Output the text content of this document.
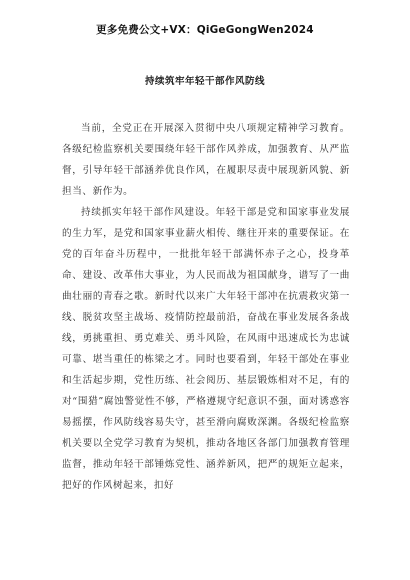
更多免费公文+VX：QiGeGongWen2024
持续筑牢年轻干部作风防线

当前，全党正在开展深入贯彻中央八项规定精神学习教育。各级纪检监察机关要围绕年轻干部作风养成，加强教育、从严监督，引导年轻干部涵养优良作风，在履职尽责中展现新风貌、新担当、新作为。

持续抓实年轻干部作风建设。年轻干部是党和国家事业发展的生力军，是党和国家事业薪火相传、继往开来的重要保证。在党的百年奋斗历程中，一批批年轻干部满怀赤子之心，投身革命、建设、改革伟大事业，为人民而战为祖国献身，谱写了一曲曲壮丽的青春之歌。新时代以来广大年轻干部冲在抗震救灾第一线、脱贫攻坚主战场、疫情防控最前沿，奋战在事业发展各条战线，勇挑重担、勇克难关、勇斗风险，在风雨中迅速成长为忠诚可靠、堪当重任的栋梁之才。同时也要看到，年轻干部处在事业和生活起步期，党性历练、社会阅历、基层锻炼相对不足，有的对“围猎”腐蚀警觉性不够，严格遵规守纪意识不强，面对诱惑容易摇摆，作风防线容易失守，甚至滑向腐败深渊。各级纪检监察机关要以全党学习教育为契机，推动各地区各部门加强教育管理监督，推动年轻干部锤炼党性、涵养新风，把严的规矩立起来，把好的作风树起来，扣好
